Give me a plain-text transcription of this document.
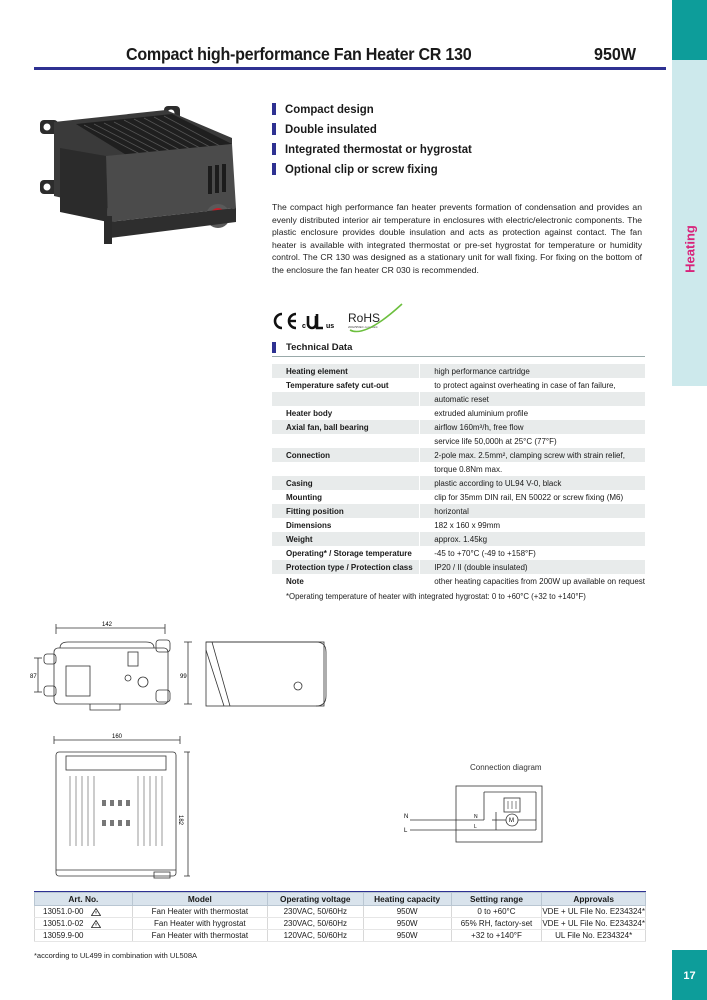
Heating
17
Compact high-performance Fan Heater CR 130	950W
Compact design
Double insulated
Integrated thermostat or hygrostat
Optional clip or screw fixing
The compact high performance fan heater prevents formation of condensation and provides an evenly distributed interior air temperature in enclosures with electric/electronic components. The plastic enclosure provides double insulation and acts as protection against contact. The fan heater is available with integrated thermostat or pre-set hygrostat for temperature or humidity control. The CR 130 was designed as a stationary unit for wall fixing. For fixing on the bottom of the enclosure the fan heater CR 030 is recommended.
c	us
RoHS
2002/95/EC compliant
Technical Data
Heating element	high performance cartridge
Temperature safety cut-out	to protect against overheating in case of fan failure,
	automatic reset
Heater body	extruded aluminium profile
Axial fan, ball bearing	airflow 160m³/h, free flow
	service life 50,000h at 25°C (77°F)
Connection	2-pole max. 2.5mm², clamping screw with strain relief,
	torque 0.8Nm max.
Casing	plastic according to UL94 V-0, black
Mounting	clip for 35mm DIN rail, EN 50022 or screw fixing (M6)
Fitting position	horizontal
Dimensions	182 x 160 x 99mm
Weight	approx. 1.45kg
Operating* / Storage temperature	-45 to +70°C (-49 to +158°F)
Protection type / Protection class	IP20 / II (double insulated)
Note	other heating capacities from 200W up available on request
*Operating temperature of heater with integrated hygrostat: 0 to +60°C (+32 to +140°F)
142
87	99
160
182
Connection diagram
N
L
N
L
M
Art. No.	Model	Operating voltage	Heating capacity	Setting range	Approvals
13051.0-00	Fan Heater with thermostat	230VAC, 50/60Hz	950W	0 to +60°C	VDE + UL File No. E234324*
13051.0-02	Fan Heater with hygrostat	230VAC, 50/60Hz	950W	65% RH, factory-set	VDE + UL File No. E234324*
13059.9-00	Fan Heater with thermostat	120VAC, 50/60Hz	950W	+32 to +140°F	UL File No. E234324*
*according to UL499 in combination with UL508A
